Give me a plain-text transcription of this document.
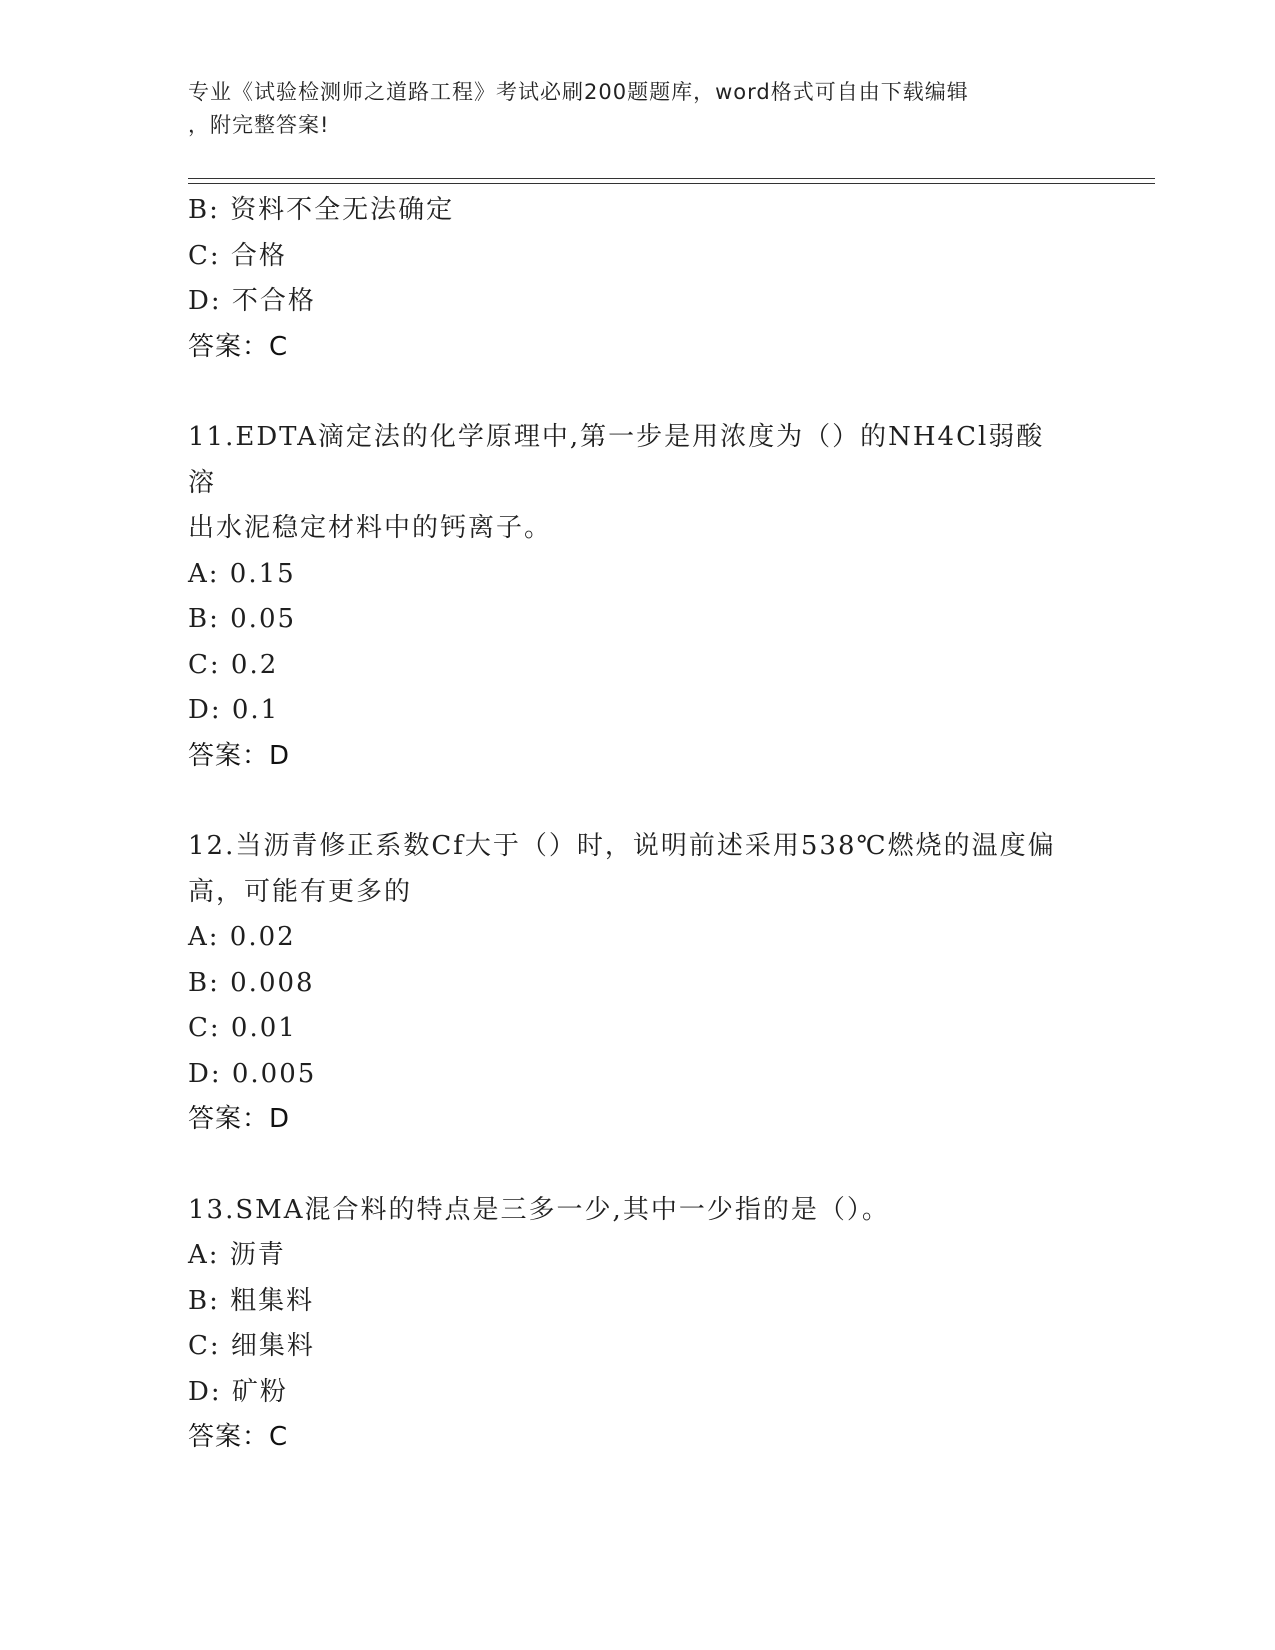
专业《试验检测师之道路工程》考试必刷200题题库，word格式可自由下载编辑
，附完整答案!
B: 资料不全无法确定
C: 合格
D: 不合格
答案：C
11.EDTA滴定法的化学原理中,第一步是用浓度为（）的NH4Cl弱酸溶
出水泥稳定材料中的钙离子。
A: 0.15
B: 0.05
C: 0.2
D: 0.1
答案：D
12.当沥青修正系数Cf大于（）时，说明前述采用538℃燃烧的温度偏
高，可能有更多的
A: 0.02
B: 0.008
C: 0.01
D: 0.005
答案：D
13.SMA混合料的特点是三多一少,其中一少指的是（）。
A: 沥青
B: 粗集料
C: 细集料
D: 矿粉
答案：C
